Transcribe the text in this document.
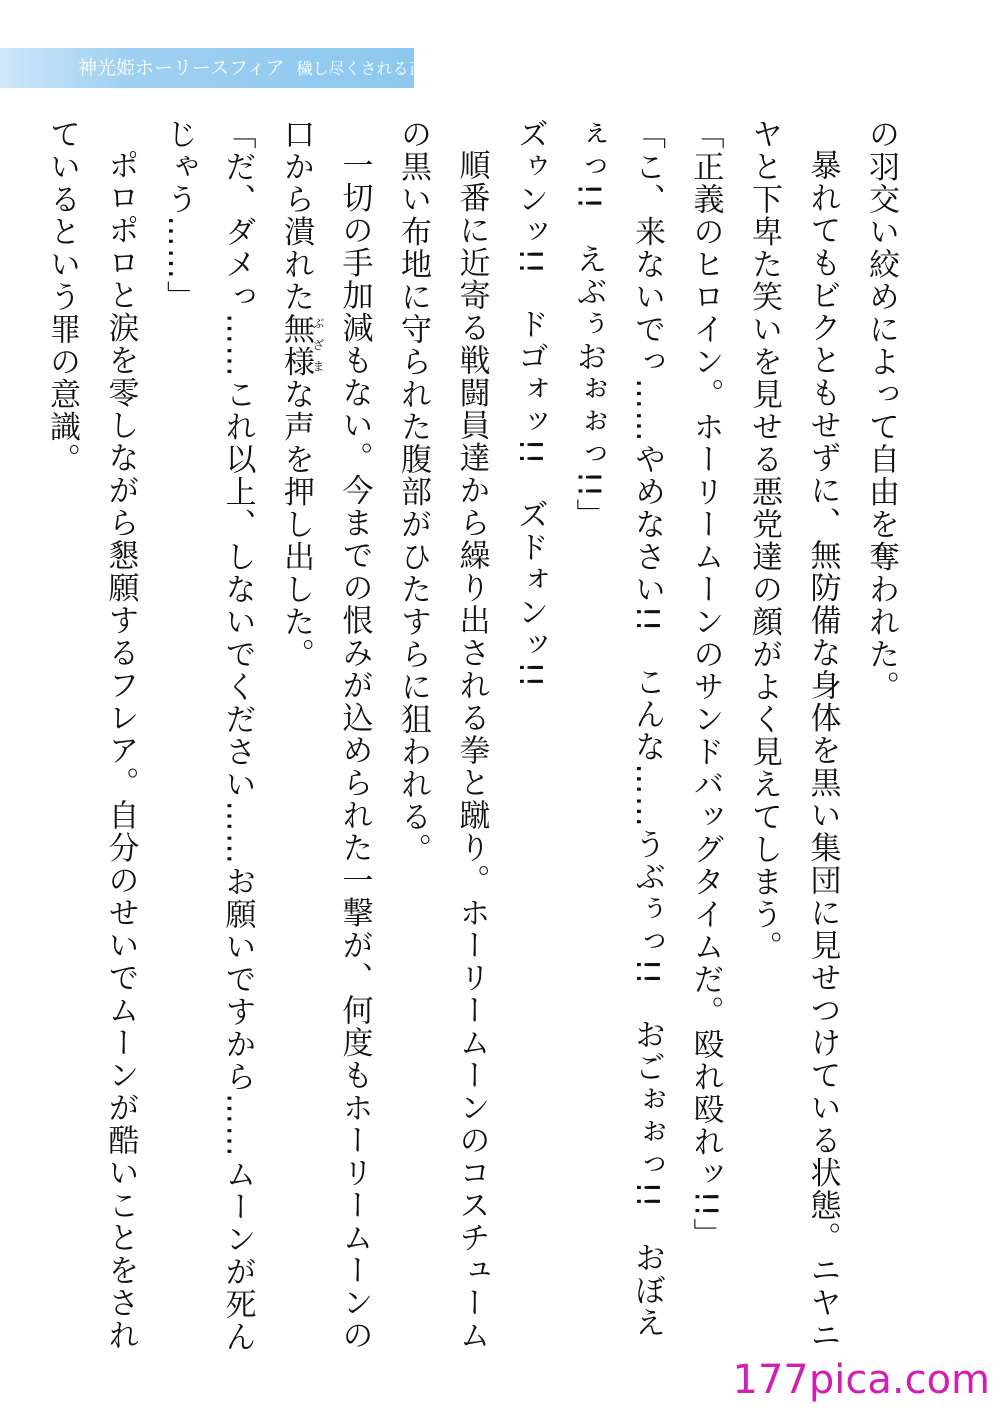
神光姫ホーリースフィア 穢し尽くされる正義

の羽交い絞めによって自由を奪われた。

暴れてもビクともせずに、無防備な身体を黒い集団に見せつけている状態。ニヤニヤと下卑た笑いを見せる悪党達の顔がよく見えてしまう。

「正義のヒロイン。ホーリームーンのサンドバッグタイムだ。殴れ殴れッ!!」

「こ、来ないでっ……やめなさい!!　こんな……うぶぅっ!!　おごぉぉっ!!　おぼえぇっ!!　えぶぅおぉぉっ!!」

ズゥンッ!!　ドゴォッ!!　ズドォンッ!!

順番に近寄る戦闘員達から繰り出される拳と蹴り。ホーリームーンのコスチュームの黒い布地に守られた腹部がひたすらに狙われる。

一切の手加減もない。今までの恨みが込められた一撃が、何度もホーリームーンの口から潰れた無様ぶざまな声を押し出した。

「だ、ダメっ……これ以上、しないでください……お願いですから……ムーンが死んじゃう……」

ポロポロと涙を零しながら懇願するフレア。自分のせいでムーンが酷いことをされているという罪の意識。

177pica.com
